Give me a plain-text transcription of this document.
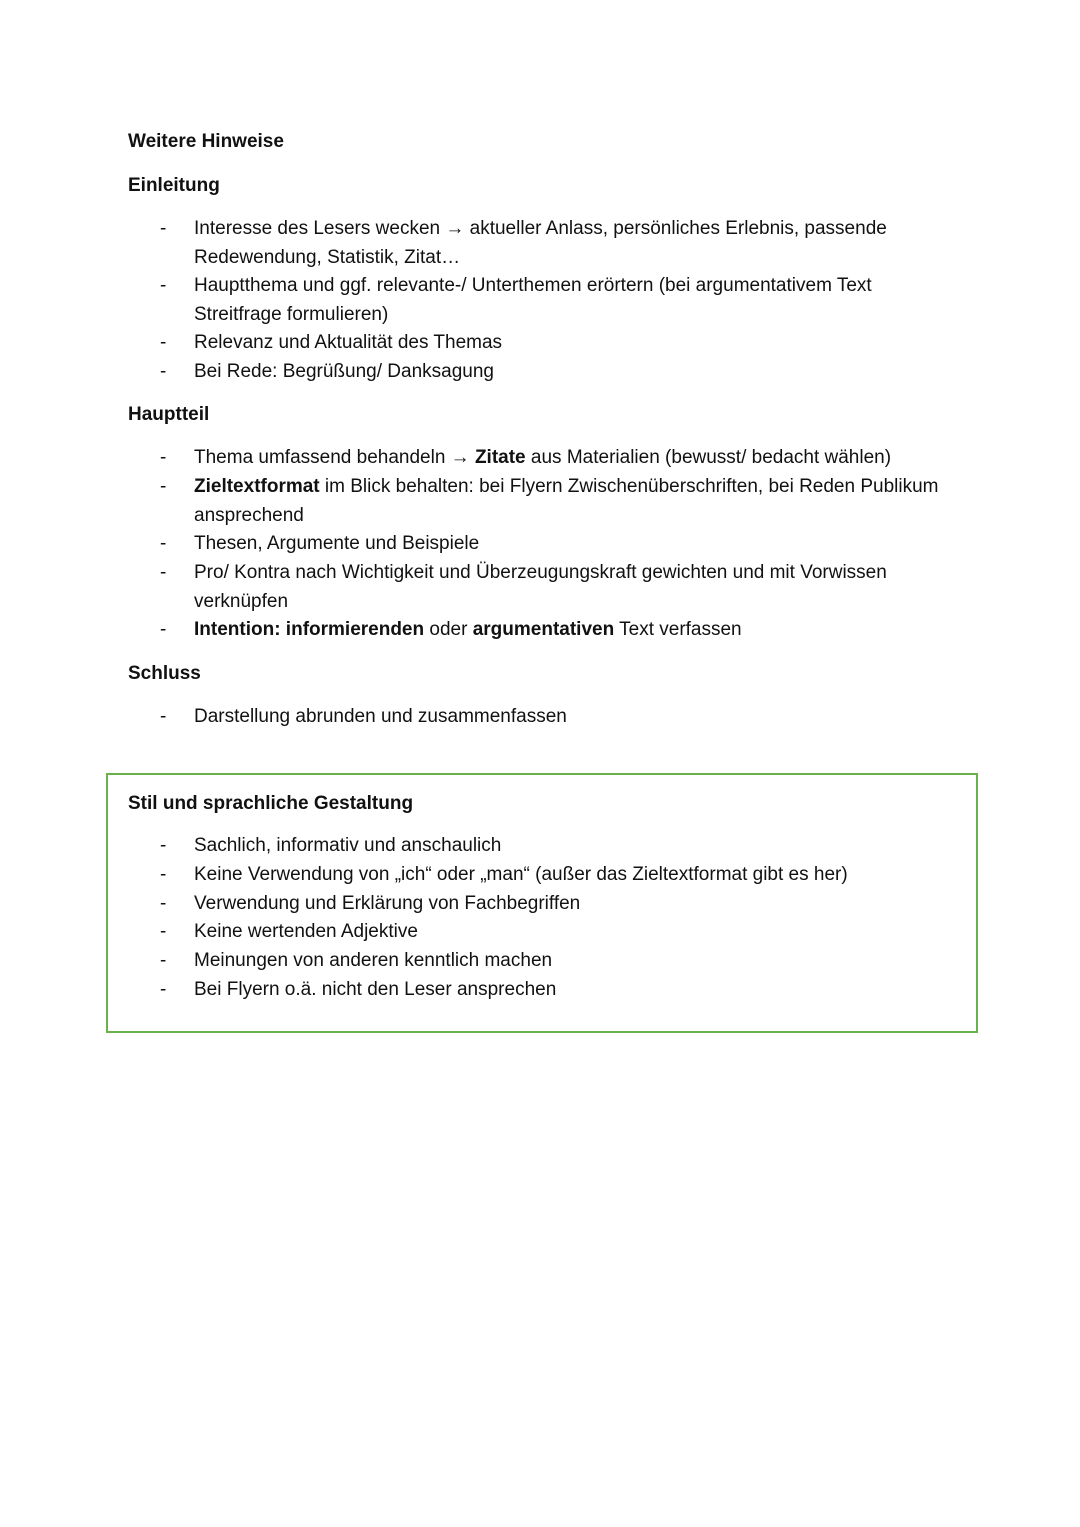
Weitere Hinweise
Einleitung
- Interesse des Lesers wecken → aktueller Anlass, persönliches Erlebnis, passende Redewendung, Statistik, Zitat…
- Hauptthema und ggf. relevante-/ Unterthemen erörtern (bei argumentativem Text Streitfrage formulieren)
- Relevanz und Aktualität des Themas
- Bei Rede: Begrüßung/ Danksagung
Hauptteil
- Thema umfassend behandeln → Zitate aus Materialien (bewusst/ bedacht wählen)
- Zieltextformat im Blick behalten: bei Flyern Zwischenüberschriften, bei Reden Publikum ansprechend
- Thesen, Argumente und Beispiele
- Pro/ Kontra nach Wichtigkeit und Überzeugungskraft gewichten und mit Vorwissen verknüpfen
- Intention: informierenden oder argumentativen Text verfassen
Schluss
- Darstellung abrunden und zusammenfassen
Stil und sprachliche Gestaltung
- Sachlich, informativ und anschaulich
- Keine Verwendung von „ich“ oder „man“ (außer das Zieltextformat gibt es her)
- Verwendung und Erklärung von Fachbegriffen
- Keine wertenden Adjektive
- Meinungen von anderen kenntlich machen
- Bei Flyern o.ä. nicht den Leser ansprechen
